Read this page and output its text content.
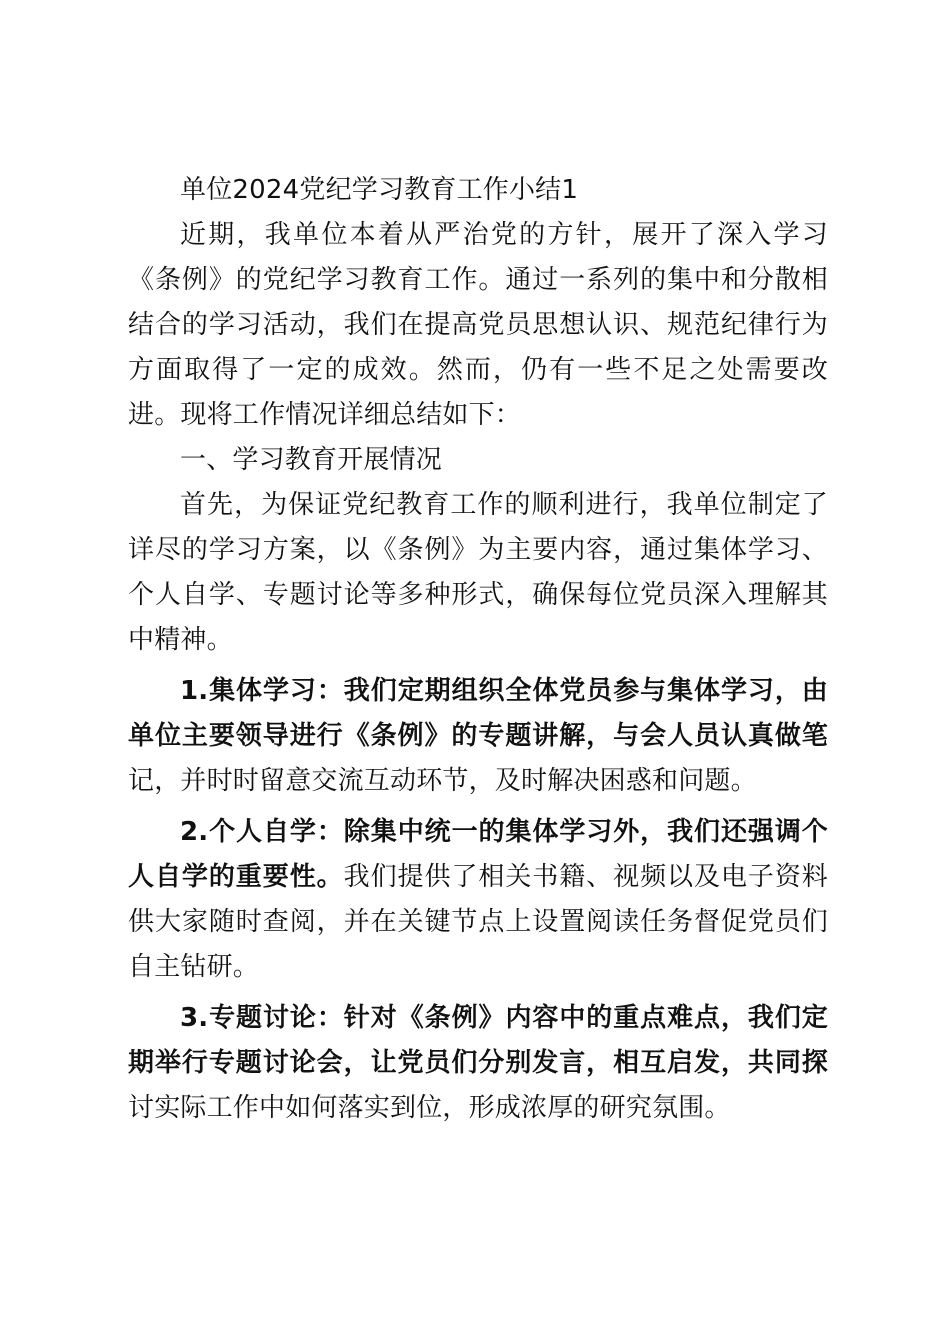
单位2024党纪学习教育工作小结1

近期，我单位本着从严治党的方针，展开了深入学习《条例》的党纪学习教育工作。通过一系列的集中和分散相结合的学习活动，我们在提高党员思想认识、规范纪律行为方面取得了一定的成效。然而，仍有一些不足之处需要改进。现将工作情况详细总结如下：

一、学习教育开展情况

首先，为保证党纪教育工作的顺利进行，我单位制定了详尽的学习方案，以《条例》为主要内容，通过集体学习、个人自学、专题讨论等多种形式，确保每位党员深入理解其中精神。

1.集体学习：我们定期组织全体党员参与集体学习，由单位主要领导进行《条例》的专题讲解，与会人员认真做笔记，并时时留意交流互动环节，及时解决困惑和问题。

2.个人自学：除集中统一的集体学习外，我们还强调个人自学的重要性。我们提供了相关书籍、视频以及电子资料供大家随时查阅，并在关键节点上设置阅读任务督促党员们自主钻研。

3.专题讨论：针对《条例》内容中的重点难点，我们定期举行专题讨论会，让党员们分别发言，相互启发，共同探讨实际工作中如何落实到位，形成浓厚的研究氛围。
